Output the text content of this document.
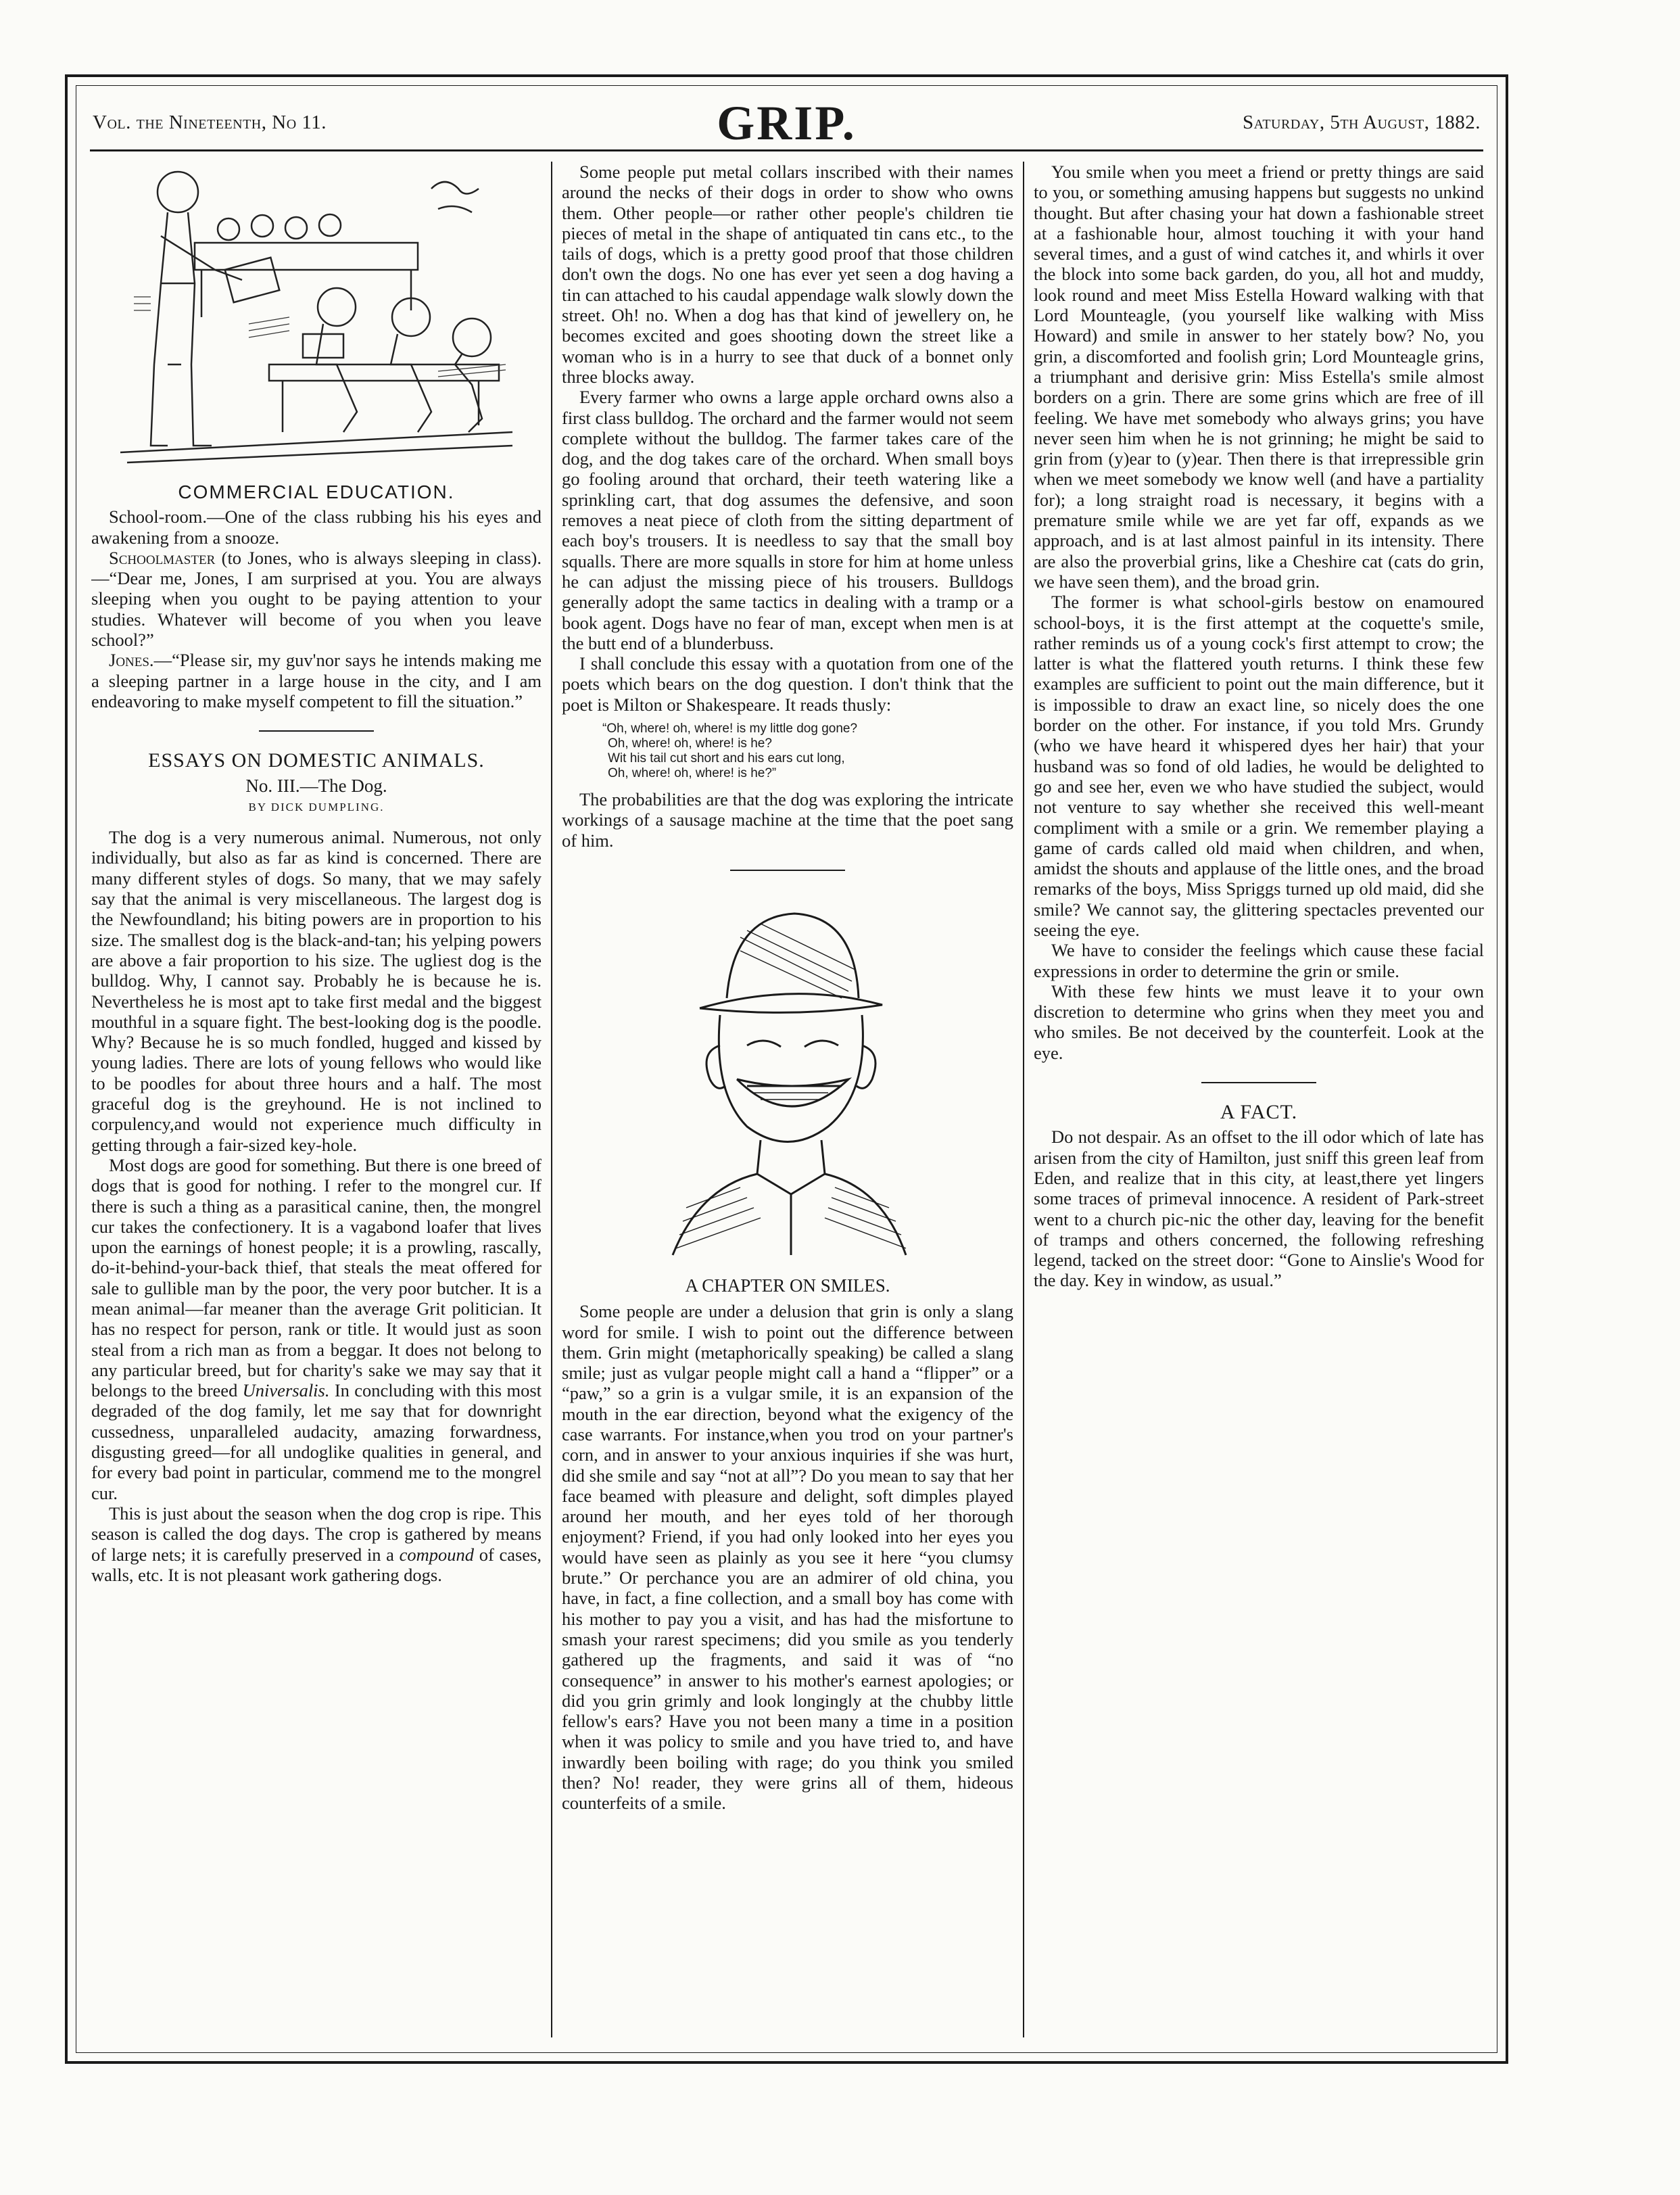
Vol. the Nineteenth, No 11.	GRIP.	Saturday, 5th August, 1882.
COMMERCIAL EDUCATION.

School-room.—One of the class rubbing his his eyes and awakening from a snooze.

Schoolmaster (to Jones, who is always sleeping in class).—“Dear me, Jones, I am surprised at you. You are always sleeping when you ought to be paying attention to your studies. Whatever will become of you when you leave school?”

Jones.—“Please sir, my guv'nor says he intends making me a sleeping partner in a large house in the city, and I am endeavoring to make myself competent to fill the situation.”

ESSAYS ON DOMESTIC ANIMALS.
No. III.—The Dog.
BY DICK DUMPLING.

The dog is a very numerous animal. Numerous, not only individually, but also as far as kind is concerned. There are many different styles of dogs. So many, that we may safely say that the animal is very miscellaneous. The largest dog is the Newfoundland; his biting powers are in proportion to his size. The smallest dog is the black-and-tan; his yelping powers are above a fair proportion to his size. The ugliest dog is the bulldog. Why, I cannot say. Probably he is because he is. Nevertheless he is most apt to take first medal and the biggest mouthful in a square fight. The best-looking dog is the poodle. Why? Because he is so much fondled, hugged and kissed by young ladies. There are lots of young fellows who would like to be poodles for about three hours and a half. The most graceful dog is the greyhound. He is not inclined to corpulency,and would not experience much difficulty in getting through a fair-sized key-hole.

Most dogs are good for something. But there is one breed of dogs that is good for nothing. I refer to the mongrel cur. If there is such a thing as a parasitical canine, then, the mongrel cur takes the confectionery. It is a vagabond loafer that lives upon the earnings of honest people; it is a prowling, rascally, do-it-behind-your-back thief, that steals the meat offered for sale to gullible man by the poor, the very poor butcher. It is a mean animal—far meaner than the average Grit politician. It has no respect for person, rank or title. It would just as soon steal from a rich man as from a beggar. It does not belong to any particular breed, but for charity's sake we may say that it belongs to the breed Universalis. In concluding with this most degraded of the dog family, let me say that for downright cussedness, unparalleled audacity, amazing forwardness, disgusting greed—for all undoglike qualities in general, and for every bad point in particular, commend me to the mongrel cur.

This is just about the season when the dog crop is ripe. This season is called the dog days. The crop is gathered by means of large nets; it is carefully preserved in a compound of cases, walls, etc. It is not pleasant work gathering dogs.

Some people put metal collars inscribed with their names around the necks of their dogs in order to show who owns them. Other people—or rather other people's children tie pieces of metal in the shape of antiquated tin cans etc., to the tails of dogs, which is a pretty good proof that those children don't own the dogs. No one has ever yet seen a dog having a tin can attached to his caudal appendage walk slowly down the street. Oh! no. When a dog has that kind of jewellery on, he becomes excited and goes shooting down the street like a woman who is in a hurry to see that duck of a bonnet only three blocks away.

Every farmer who owns a large apple orchard owns also a first class bulldog. The orchard and the farmer would not seem complete without the bulldog. The farmer takes care of the dog, and the dog takes care of the orchard. When small boys go fooling around that orchard, their teeth watering like a sprinkling cart, that dog assumes the defensive, and soon removes a neat piece of cloth from the sitting department of each boy's trousers. It is needless to say that the small boy squalls. There are more squalls in store for him at home unless he can adjust the missing piece of his trousers. Bulldogs generally adopt the same tactics in dealing with a tramp or a book agent. Dogs have no fear of man, except when men is at the butt end of a blunderbuss.

I shall conclude this essay with a quotation from one of the poets which bears on the dog question. I don't think that the poet is Milton or Shakespeare. It reads thusly:

“Oh, where! oh, where! is my little dog gone?
Oh, where! oh, where! is he?
Wit his tail cut short and his ears cut long,
Oh, where! oh, where! is he?”

The probabilities are that the dog was exploring the intricate workings of a sausage machine at the time that the poet sang of him.

A CHAPTER ON SMILES.

Some people are under a delusion that grin is only a slang word for smile. I wish to point out the difference between them. Grin might (metaphorically speaking) be called a slang smile; just as vulgar people might call a hand a “flipper” or a “paw,” so a grin is a vulgar smile, it is an expansion of the mouth in the ear direction, beyond what the exigency of the case warrants. For instance,when you trod on your partner's corn, and in answer to your anxious inquiries if she was hurt, did she smile and say “not at all”? Do you mean to say that her face beamed with pleasure and delight, soft dimples played around her mouth, and her eyes told of her thorough enjoyment? Friend, if you had only looked into her eyes you would have seen as plainly as you see it here “you clumsy brute.” Or perchance you are an admirer of old china, you have, in fact, a fine collection, and a small boy has come with his mother to pay you a visit, and has had the misfortune to smash your rarest specimens; did you smile as you tenderly gathered up the fragments, and said it was of “no consequence” in answer to his mother's earnest apologies; or did you grin grimly and look longingly at the chubby little fellow's ears? Have you not been many a time in a position when it was policy to smile and you have tried to, and have inwardly been boiling with rage; do you think you smiled then? No! reader, they were grins all of them, hideous counterfeits of a smile.

You smile when you meet a friend or pretty things are said to you, or something amusing happens but suggests no unkind thought. But after chasing your hat down a fashionable street at a fashionable hour, almost touching it with your hand several times, and a gust of wind catches it, and whirls it over the block into some back garden, do you, all hot and muddy, look round and meet Miss Estella Howard walking with that Lord Mounteagle, (you yourself like walking with Miss Howard) and smile in answer to her stately bow? No, you grin, a discomforted and foolish grin; Lord Mounteagle grins, a triumphant and derisive grin: Miss Estella's smile almost borders on a grin. There are some grins which are free of ill feeling. We have met somebody who always grins; you have never seen him when he is not grinning; he might be said to grin from (y)ear to (y)ear. Then there is that irrepressible grin when we meet somebody we know well (and have a partiality for); a long straight road is necessary, it begins with a premature smile while we are yet far off, expands as we approach, and is at last almost painful in its intensity. There are also the proverbial grins, like a Cheshire cat (cats do grin, we have seen them), and the broad grin.

The former is what school-girls bestow on enamoured school-boys, it is the first attempt at the coquette's smile, rather reminds us of a young cock's first attempt to crow; the latter is what the flattered youth returns. I think these few examples are sufficient to point out the main difference, but it is impossible to draw an exact line, so nicely does the one border on the other. For instance, if you told Mrs. Grundy (who we have heard it whispered dyes her hair) that your husband was so fond of old ladies, he would be delighted to go and see her, even we who have studied the subject, would not venture to say whether she received this well-meant compliment with a smile or a grin. We remember playing a game of cards called old maid when children, and when, amidst the shouts and applause of the little ones, and the broad remarks of the boys, Miss Spriggs turned up old maid, did she smile? We cannot say, the glittering spectacles prevented our seeing the eye.

We have to consider the feelings which cause these facial expressions in order to determine the grin or smile.

With these few hints we must leave it to your own discretion to determine who grins when they meet you and who smiles. Be not deceived by the counterfeit. Look at the eye.

A FACT.

Do not despair. As an offset to the ill odor which of late has arisen from the city of Hamilton, just sniff this green leaf from Eden, and realize that in this city, at least,there yet lingers some traces of primeval innocence. A resident of Park-street went to a church pic-nic the other day, leaving for the benefit of tramps and others concerned, the following refreshing legend, tacked on the street door: “Gone to Ainslie's Wood for the day. Key in window, as usual.”
